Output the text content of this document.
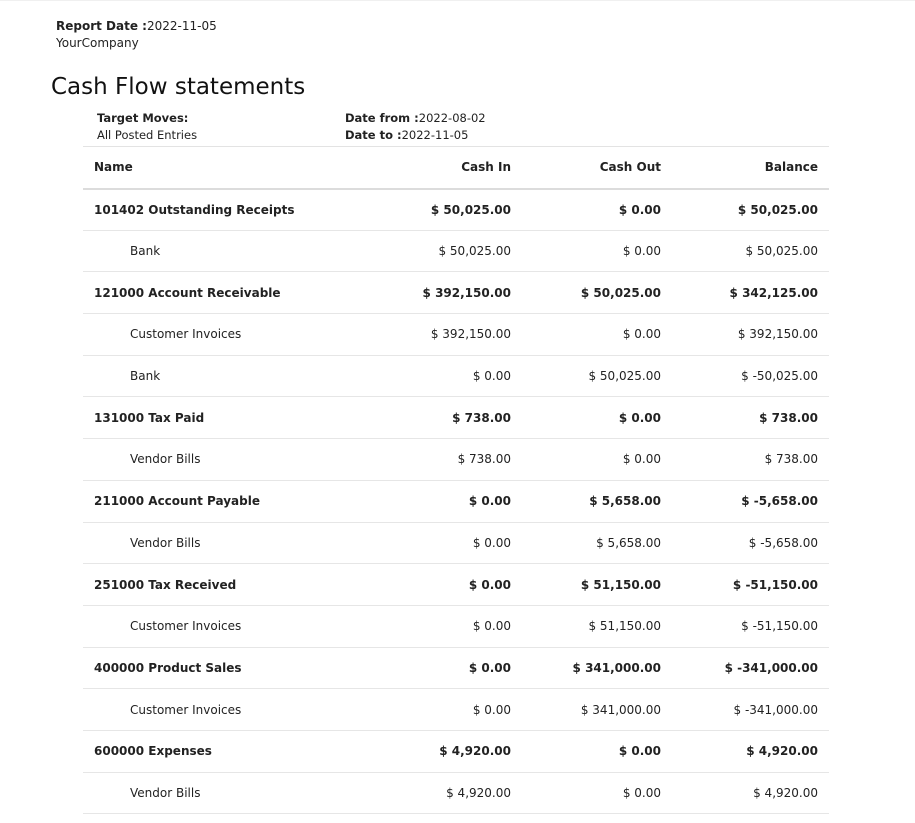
Report Date :2022-11-05
YourCompany
Cash Flow statements
Target Moves:
All Posted Entries
Date from :2022-08-02
Date to :2022-11-05
Name	Cash In	Cash Out	Balance
101402 Outstanding Receipts	$ 50,025.00	$ 0.00	$ 50,025.00
Bank	$ 50,025.00	$ 0.00	$ 50,025.00
121000 Account Receivable	$ 392,150.00	$ 50,025.00	$ 342,125.00
Customer Invoices	$ 392,150.00	$ 0.00	$ 392,150.00
Bank	$ 0.00	$ 50,025.00	$ -50,025.00
131000 Tax Paid	$ 738.00	$ 0.00	$ 738.00
Vendor Bills	$ 738.00	$ 0.00	$ 738.00
211000 Account Payable	$ 0.00	$ 5,658.00	$ -5,658.00
Vendor Bills	$ 0.00	$ 5,658.00	$ -5,658.00
251000 Tax Received	$ 0.00	$ 51,150.00	$ -51,150.00
Customer Invoices	$ 0.00	$ 51,150.00	$ -51,150.00
400000 Product Sales	$ 0.00	$ 341,000.00	$ -341,000.00
Customer Invoices	$ 0.00	$ 341,000.00	$ -341,000.00
600000 Expenses	$ 4,920.00	$ 0.00	$ 4,920.00
Vendor Bills	$ 4,920.00	$ 0.00	$ 4,920.00
